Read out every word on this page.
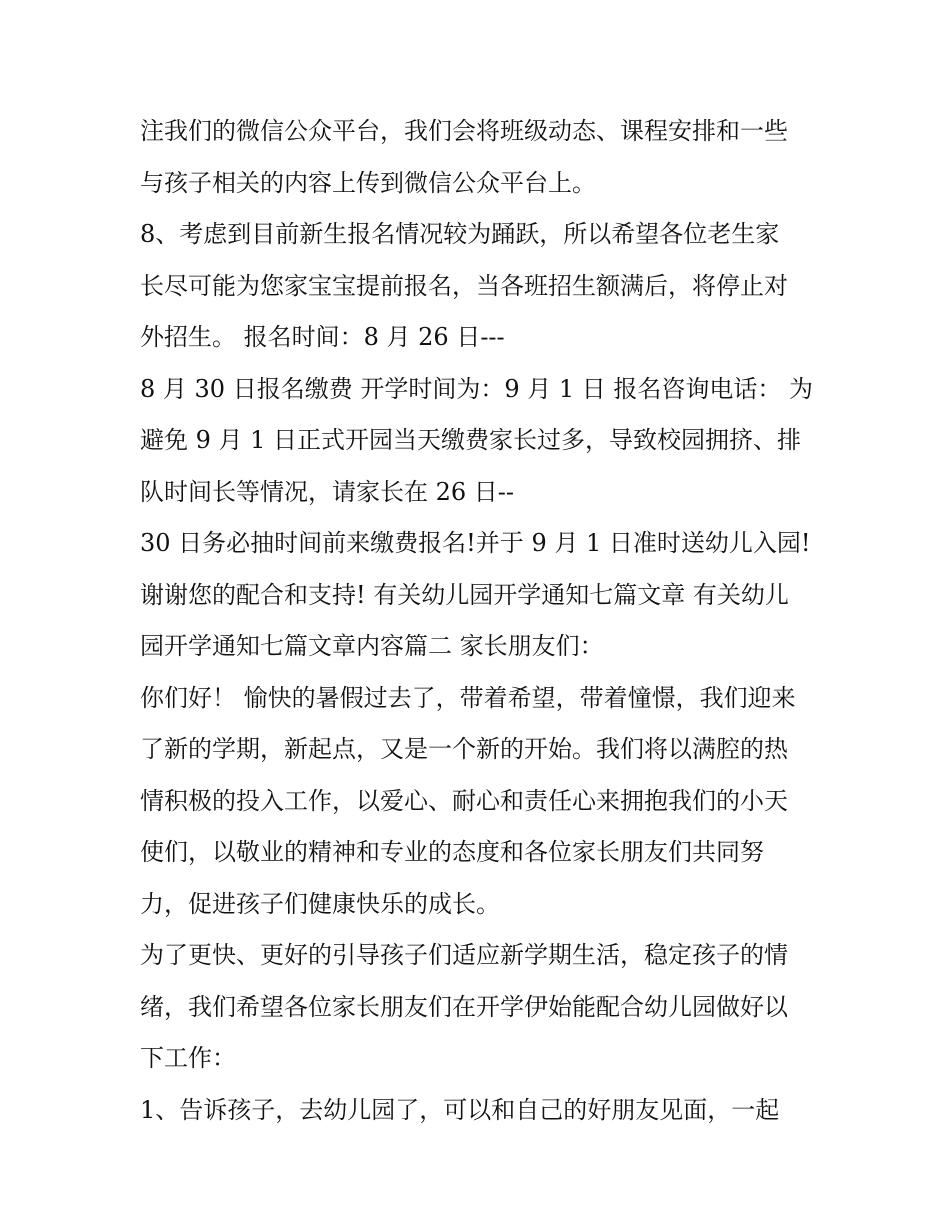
注我们的微信公众平台，我们会将班级动态、课程安排和一些
与孩子相关的内容上传到微信公众平台上。
8、考虑到目前新生报名情况较为踊跃，所以希望各位老生家
长尽可能为您家宝宝提前报名，当各班招生额满后，将停止对
外招生。 报名时间：8 月 26 日---
8 月 30 日报名缴费 开学时间为：9 月 1 日 报名咨询电话： 为
避免 9 月 1 日正式开园当天缴费家长过多，导致校园拥挤、排
队时间长等情况，请家长在 26 日--
30 日务必抽时间前来缴费报名!并于 9 月 1 日准时送幼儿入园!
谢谢您的配合和支持! 有关幼儿园开学通知七篇文章 有关幼儿
园开学通知七篇文章内容篇二 家长朋友们：
你们好！ 愉快的暑假过去了，带着希望，带着憧憬，我们迎来
了新的学期，新起点，又是一个新的开始。我们将以满腔的热
情积极的投入工作，以爱心、耐心和责任心来拥抱我们的小天
使们，以敬业的精神和专业的态度和各位家长朋友们共同努
力，促进孩子们健康快乐的成长。
为了更快、更好的引导孩子们适应新学期生活，稳定孩子的情
绪，我们希望各位家长朋友们在开学伊始能配合幼儿园做好以
下工作：
1、告诉孩子，去幼儿园了，可以和自己的好朋友见面，一起
